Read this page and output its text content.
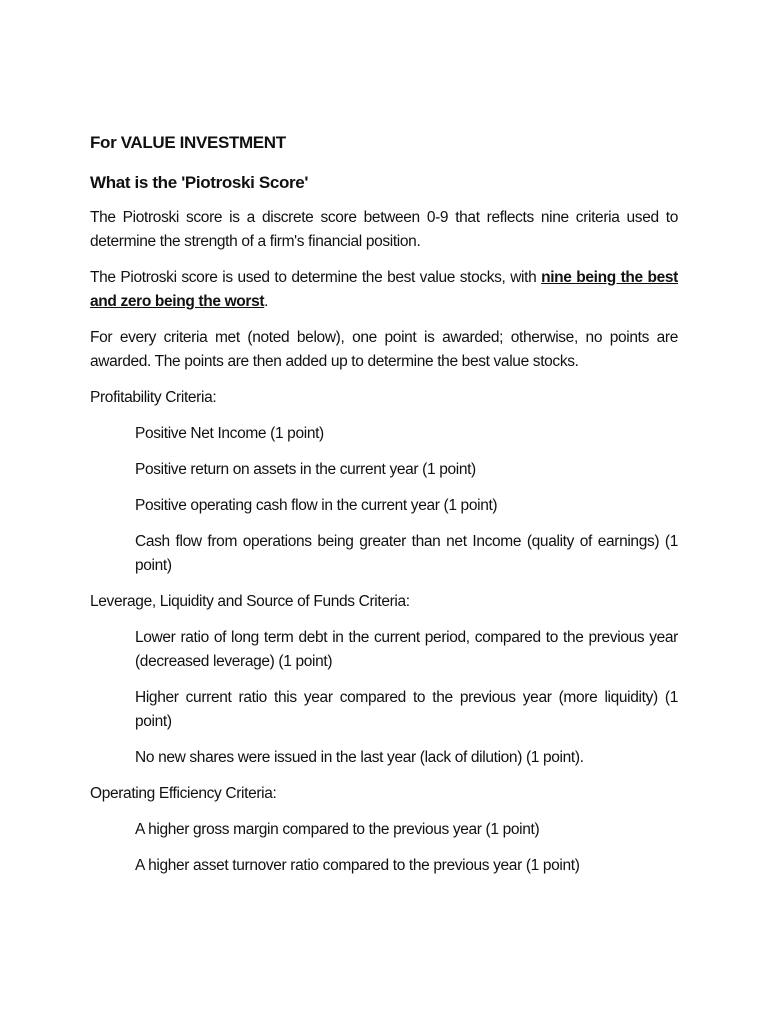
For VALUE INVESTMENT
What is the 'Piotroski Score'

The Piotroski score is a discrete score between 0-9 that reflects nine criteria used to determine the strength of a firm's financial position.

The Piotroski score is used to determine the best value stocks, with nine being the best and zero being the worst.

For every criteria met (noted below), one point is awarded; otherwise, no points are awarded. The points are then added up to determine the best value stocks.

Profitability Criteria:
Positive Net Income (1 point)
Positive return on assets in the current year (1 point)
Positive operating cash flow in the current year (1 point)
Cash flow from operations being greater than net Income (quality of earnings) (1 point)
Leverage, Liquidity and Source of Funds Criteria:
Lower ratio of long term debt in the current period, compared to the previous year (decreased leverage) (1 point)
Higher current ratio this year compared to the previous year (more liquidity) (1 point)
No new shares were issued in the last year (lack of dilution) (1 point).
Operating Efficiency Criteria:
A higher gross margin compared to the previous year (1 point)
A higher asset turnover ratio compared to the previous year (1 point)
